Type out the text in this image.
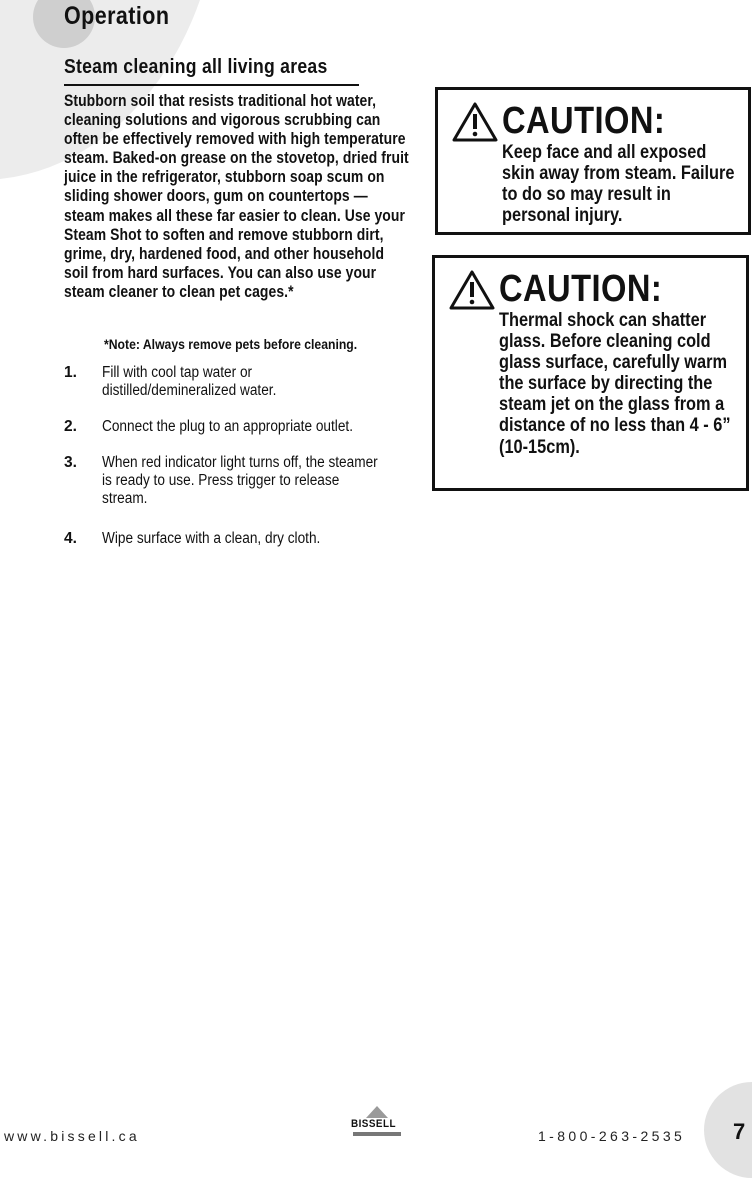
Operation
Steam cleaning all living areas
Stubborn soil that resists traditional hot water, cleaning solutions and vigorous scrubbing can often be effectively removed with high temperature steam. Baked-on grease on the stovetop, dried fruit juice in the refrigerator, stubborn soap scum on sliding shower doors, gum on countertops — steam makes all these far easier to clean. Use your Steam Shot to soften and remove stubborn dirt, grime, dry, hardened food, and other household soil from hard surfaces. You can also use your steam cleaner to clean pet cages.*
*Note: Always remove pets before cleaning.
1. Fill with cool tap water or distilled/demineralized water.
2. Connect the plug to an appropriate outlet.
3. When red indicator light turns off, the steamer is ready to use. Press trigger to release stream.
4. Wipe surface with a clean, dry cloth.
CAUTION:
Keep face and all exposed skin away from steam. Failure to do so may result in personal injury.
CAUTION:
Thermal shock can shatter glass. Before cleaning cold glass surface, carefully warm the surface by directing the steam jet on the glass from a distance of no less than 4 - 6” (10-15cm).
www.bissell.ca
BISSELL
1-800-263-2535 7
